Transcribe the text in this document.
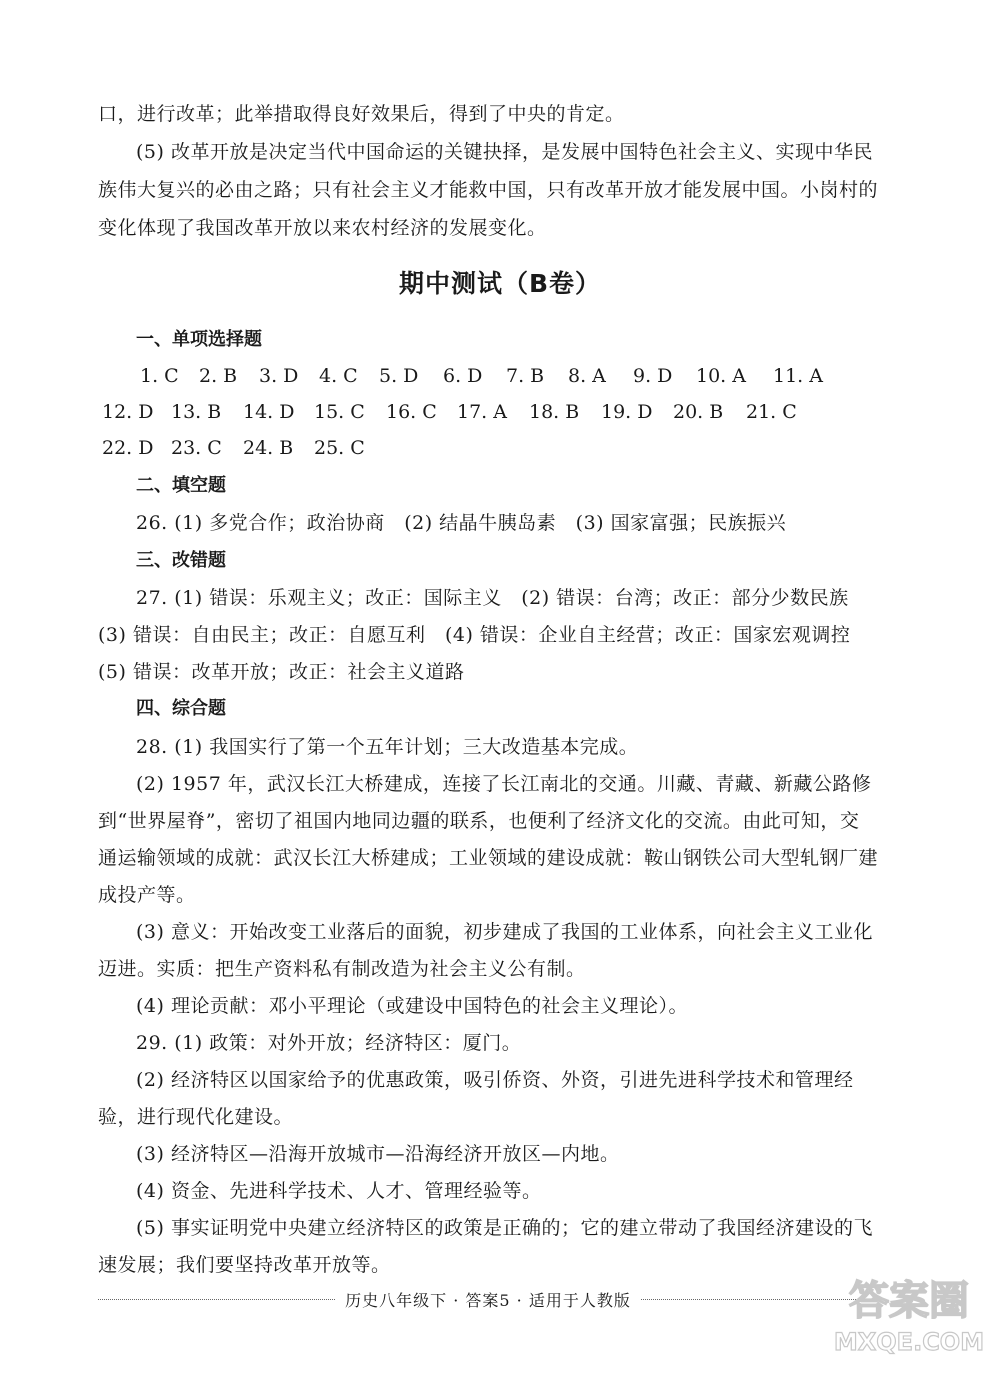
口，进行改革；此举措取得良好效果后，得到了中央的肯定。
(5) 改革开放是决定当代中国命运的关键抉择，是发展中国特色社会主义、实现中华民
族伟大复兴的必由之路；只有社会主义才能救中国，只有改革开放才能发展中国。小岗村的
变化体现了我国改革开放以来农村经济的发展变化。
期中测试（B卷）
一、单项选择题
1. C 2. B 3. D 4. C 5. D 6. D 7. B 8. A 9. D 10. A 11. A
12. D 13. B 14. D 15. C 16. C 17. A 18. B 19. D 20. B 21. C
22. D 23. C 24. B 25. C
二、填空题
26. (1) 多党合作；政治协商　(2) 结晶牛胰岛素　(3) 国家富强；民族振兴
三、改错题
27. (1) 错误：乐观主义；改正：国际主义　(2) 错误：台湾；改正：部分少数民族
(3) 错误：自由民主；改正：自愿互利　(4) 错误：企业自主经营；改正：国家宏观调控
(5) 错误：改革开放；改正：社会主义道路
四、综合题
28. (1) 我国实行了第一个五年计划；三大改造基本完成。
(2) 1957 年，武汉长江大桥建成，连接了长江南北的交通。川藏、青藏、新藏公路修
到“世界屋脊”，密切了祖国内地同边疆的联系，也便利了经济文化的交流。由此可知，交
通运输领域的成就：武汉长江大桥建成；工业领域的建设成就：鞍山钢铁公司大型轧钢厂建
成投产等。
(3) 意义：开始改变工业落后的面貌，初步建成了我国的工业体系，向社会主义工业化
迈进。实质：把生产资料私有制改造为社会主义公有制。
(4) 理论贡献：邓小平理论（或建设中国特色的社会主义理论）。
29. (1) 政策：对外开放；经济特区：厦门。
(2) 经济特区以国家给予的优惠政策，吸引侨资、外资，引进先进科学技术和管理经
验，进行现代化建设。
(3) 经济特区—沿海开放城市—沿海经济开放区—内地。
(4) 资金、先进科学技术、人才、管理经验等。
(5) 事实证明党中央建立经济特区的政策是正确的；它的建立带动了我国经济建设的飞
速发展；我们要坚持改革开放等。
历史八年级下 · 答案5 · 适用于人教版	答案圈
MXQE.COM
